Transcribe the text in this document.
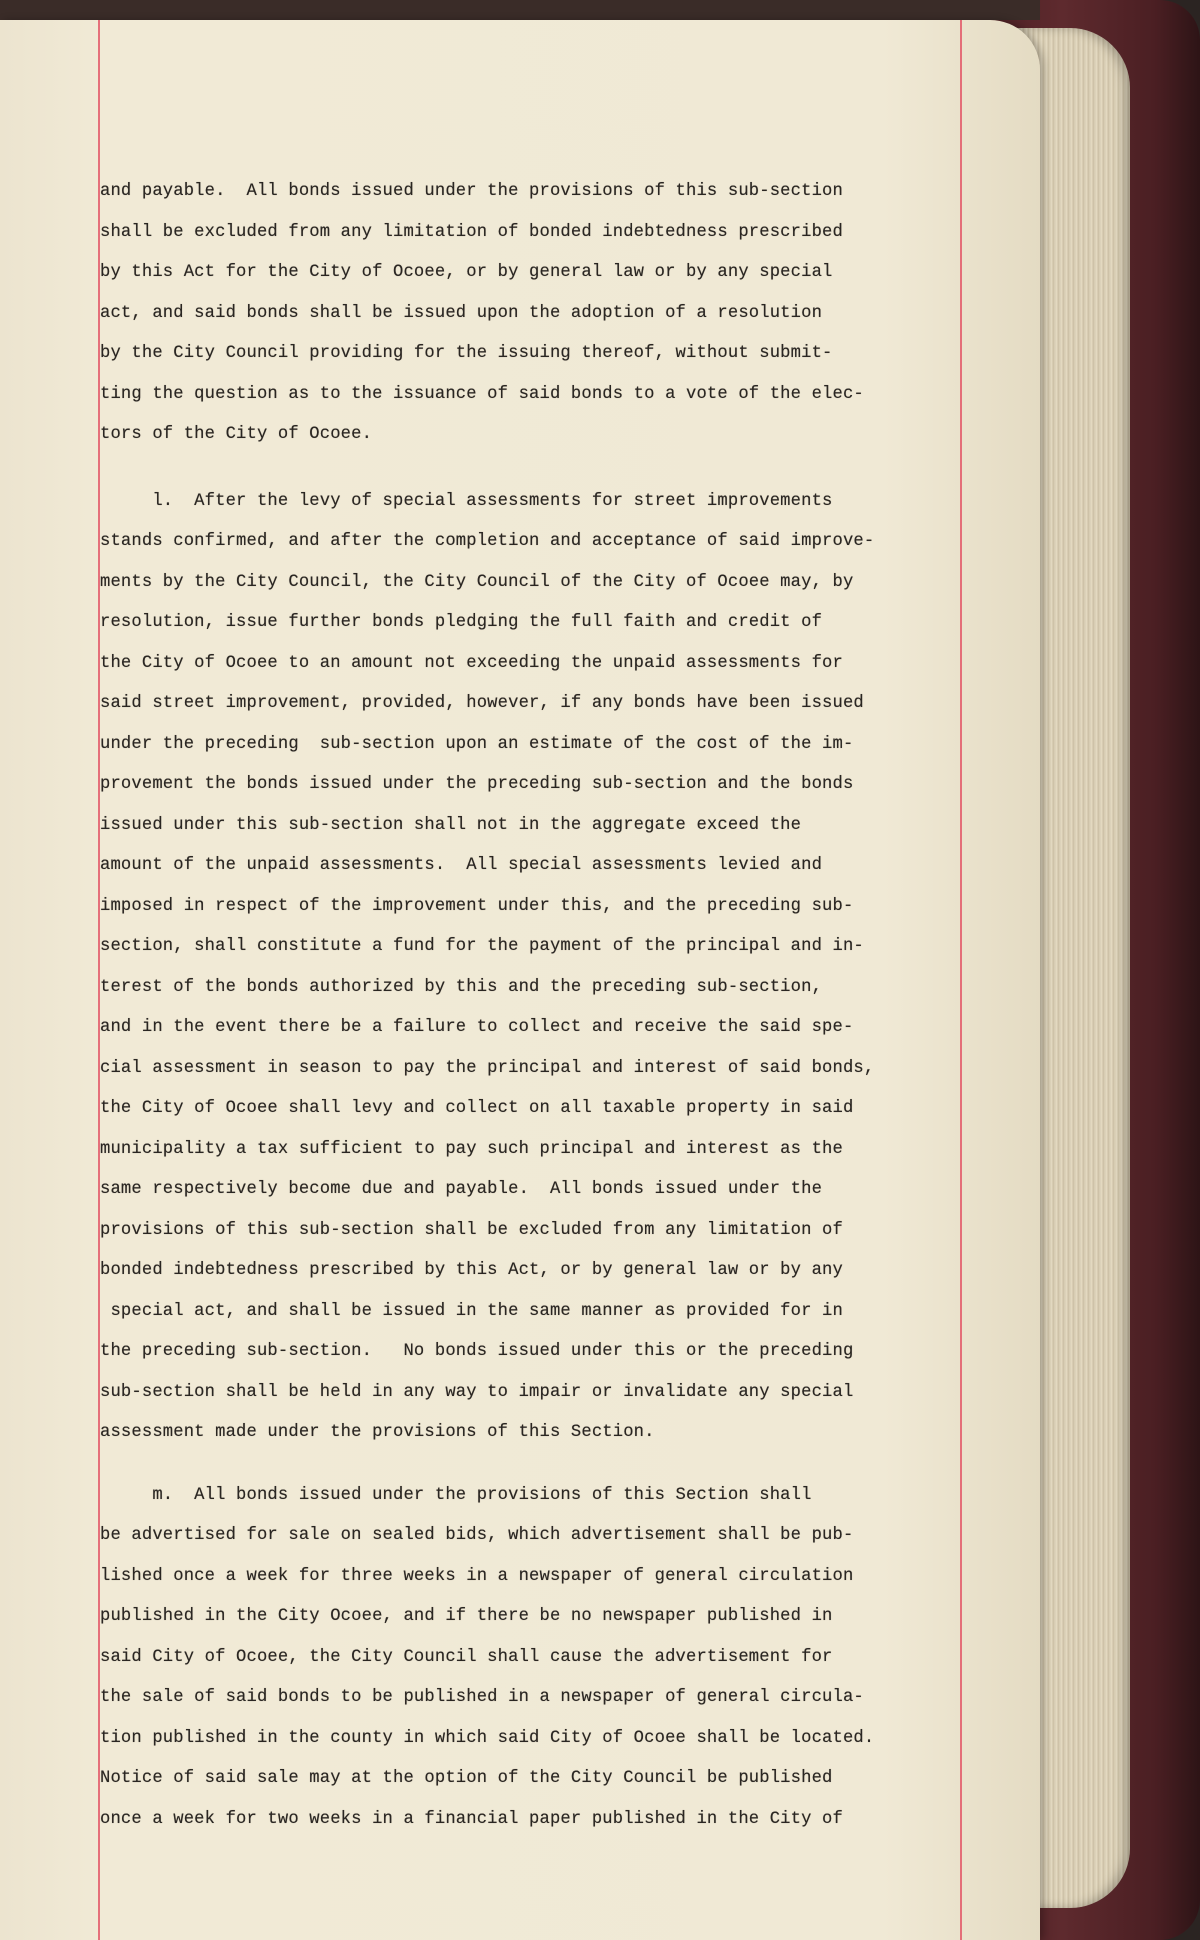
and payable.  All bonds issued under the provisions of this sub-section
shall be excluded from any limitation of bonded indebtedness prescribed
by this Act for the City of Ocoee, or by general law or by any special
act, and said bonds shall be issued upon the adoption of a resolution
by the City Council providing for the issuing thereof, without submit-
ting the question as to the issuance of said bonds to a vote of the elec-
tors of the City of Ocoee.
l.  After the levy of special assessments for street improvements
stands confirmed, and after the completion and acceptance of said improve-
ments by the City Council, the City Council of the City of Ocoee may, by
resolution, issue further bonds pledging the full faith and credit of
the City of Ocoee to an amount not exceeding the unpaid assessments for
said street improvement, provided, however, if any bonds have been issued
under the preceding  sub-section upon an estimate of the cost of the im-
provement the bonds issued under the preceding sub-section and the bonds
issued under this sub-section shall not in the aggregate exceed the
amount of the unpaid assessments.  All special assessments levied and
imposed in respect of the improvement under this, and the preceding sub-
section, shall constitute a fund for the payment of the principal and in-
terest of the bonds authorized by this and the preceding sub-section,
and in the event there be a failure to collect and receive the said spe-
cial assessment in season to pay the principal and interest of said bonds,
the City of Ocoee shall levy and collect on all taxable property in said
municipality a tax sufficient to pay such principal and interest as the
same respectively become due and payable.  All bonds issued under the
provisions of this sub-section shall be excluded from any limitation of
bonded indebtedness prescribed by this Act, or by general law or by any
special act, and shall be issued in the same manner as provided for in
the preceding sub-section.   No bonds issued under this or the preceding
sub-section shall be held in any way to impair or invalidate any special
assessment made under the provisions of this Section.
m.  All bonds issued under the provisions of this Section shall
be advertised for sale on sealed bids, which advertisement shall be pub-
lished once a week for three weeks in a newspaper of general circulation
published in the City Ocoee, and if there be no newspaper published in
said City of Ocoee, the City Council shall cause the advertisement for
the sale of said bonds to be published in a newspaper of general circula-
tion published in the county in which said City of Ocoee shall be located.
Notice of said sale may at the option of the City Council be published
once a week for two weeks in a financial paper published in the City of
